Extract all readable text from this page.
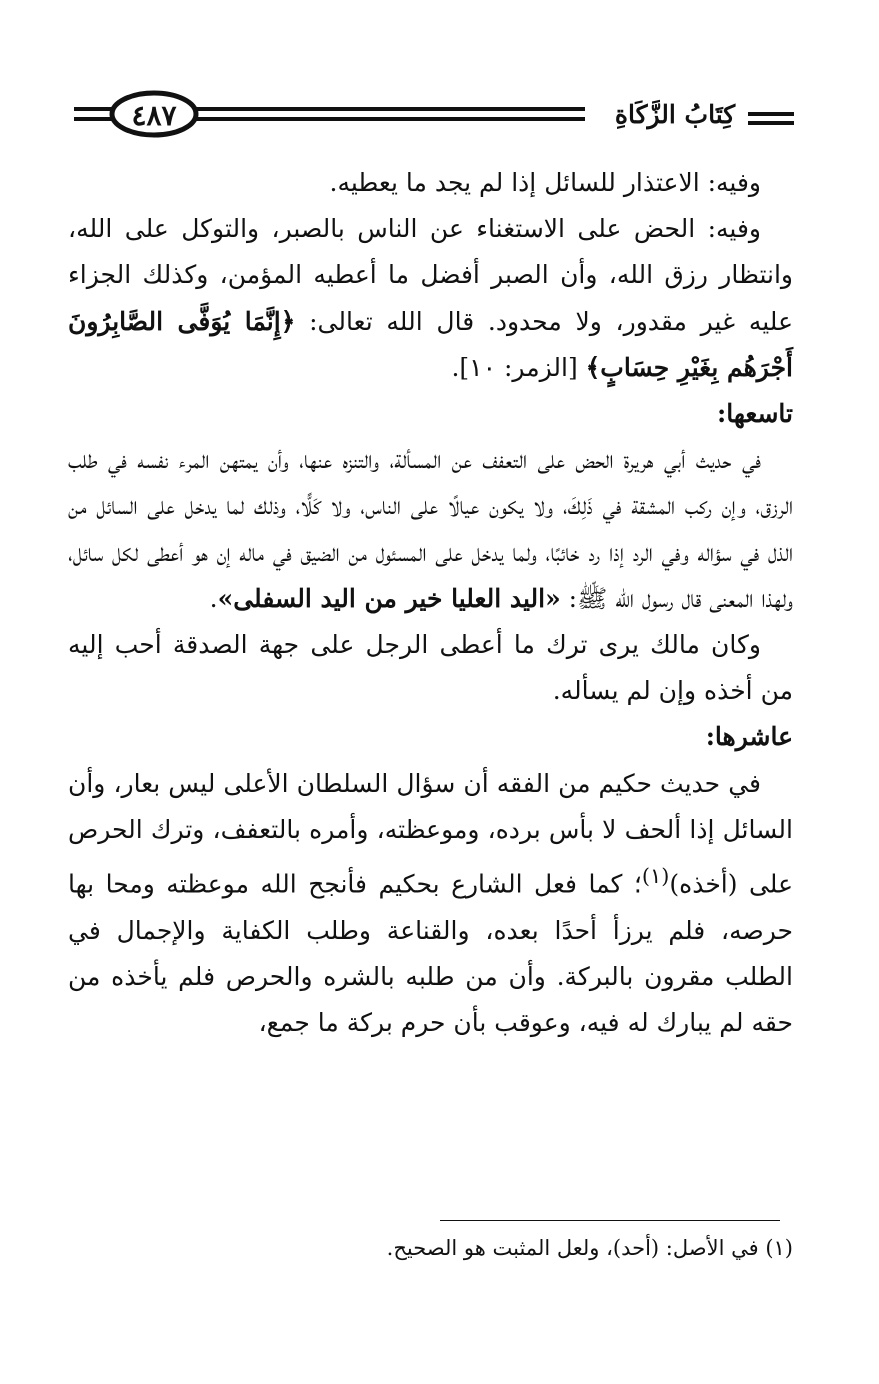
٤٨٧	كِتَابُ الزَّكَاةِ

وفيه: الاعتذار للسائل إذا لم يجد ما يعطيه.

وفيه: الحض على الاستغناء عن الناس بالصبر، والتوكل على الله، وانتظار رزق الله، وأن الصبر أفضل ما أعطيه المؤمن، وكذلك الجزاء عليه غير مقدور، ولا محدود. قال الله تعالى: ﴿إِنَّمَا يُوَفَّى الصَّابِرُونَ أَجْرَهُم بِغَيْرِ حِسَابٍ﴾ [الزمر: ١٠].

تاسعها:

في حديث أبي هريرة الحض على التعفف عن المسألة، والتنزه عنها، وأن يمتهن المرء نفسه في طلب الرزق، وإن ركب المشقة في ذَلِكَ، ولا يكون عيالًا على الناس، ولا كَلًّا، وذلك لما يدخل على السائل من الذل في سؤاله وفي الرد إذا رد خائبًا، ولما يدخل على المسئول من الضيق في ماله إن هو أعطى لكل سائل، ولهذا المعنى قال رسول الله ﷺ: «اليد العليا خير من اليد السفلى».

وكان مالك يرى ترك ما أعطى الرجل على جهة الصدقة أحب إليه من أخذه وإن لم يسأله.

عاشرها:

في حديث حكيم من الفقه أن سؤال السلطان الأعلى ليس بعار، وأن السائل إذا ألحف لا بأس برده، وموعظته، وأمره بالتعفف، وترك الحرص على (أخذه)$^{(١)}$؛ كما فعل الشارع بحكيم فأنجح الله موعظته ومحا بها حرصه، فلم يرزأ أحدًا بعده، والقناعة وطلب الكفاية والإجمال في الطلب مقرون بالبركة. وأن من طلبه بالشره والحرص فلم يأخذه من حقه لم يبارك له فيه، وعوقب بأن حرم بركة ما جمع،

(١) في الأصل: (أحد)، ولعل المثبت هو الصحيح.
